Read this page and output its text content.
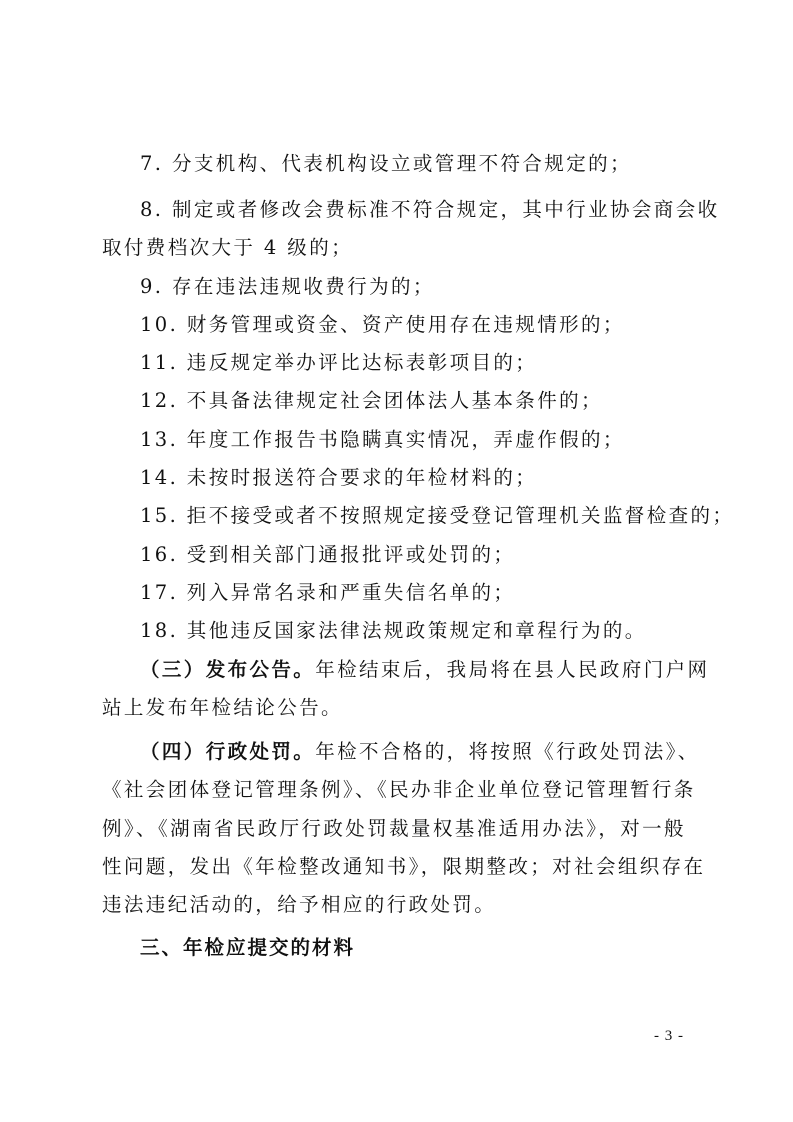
7. 分支机构、代表机构设立或管理不符合规定的；
8. 制定或者修改会费标准不符合规定，其中行业协会商会收
取付费档次大于 4 级的；
9. 存在违法违规收费行为的；
10. 财务管理或资金、资产使用存在违规情形的；
11. 违反规定举办评比达标表彰项目的；
12. 不具备法律规定社会团体法人基本条件的；
13. 年度工作报告书隐瞒真实情况，弄虚作假的；
14. 未按时报送符合要求的年检材料的；
15. 拒不接受或者不按照规定接受登记管理机关监督检查的；
16. 受到相关部门通报批评或处罚的；
17. 列入异常名录和严重失信名单的；
18. 其他违反国家法律法规政策规定和章程行为的。
（三）发布公告。年检结束后，我局将在县人民政府门户网
站上发布年检结论公告。
（四）行政处罚。年检不合格的，将按照《行政处罚法》、
《社会团体登记管理条例》、《民办非企业单位登记管理暂行条
例》、《湖南省民政厅行政处罚裁量权基准适用办法》，对一般
性问题，发出《年检整改通知书》，限期整改；对社会组织存在
违法违纪活动的，给予相应的行政处罚。
三、年检应提交的材料
- 3 -
